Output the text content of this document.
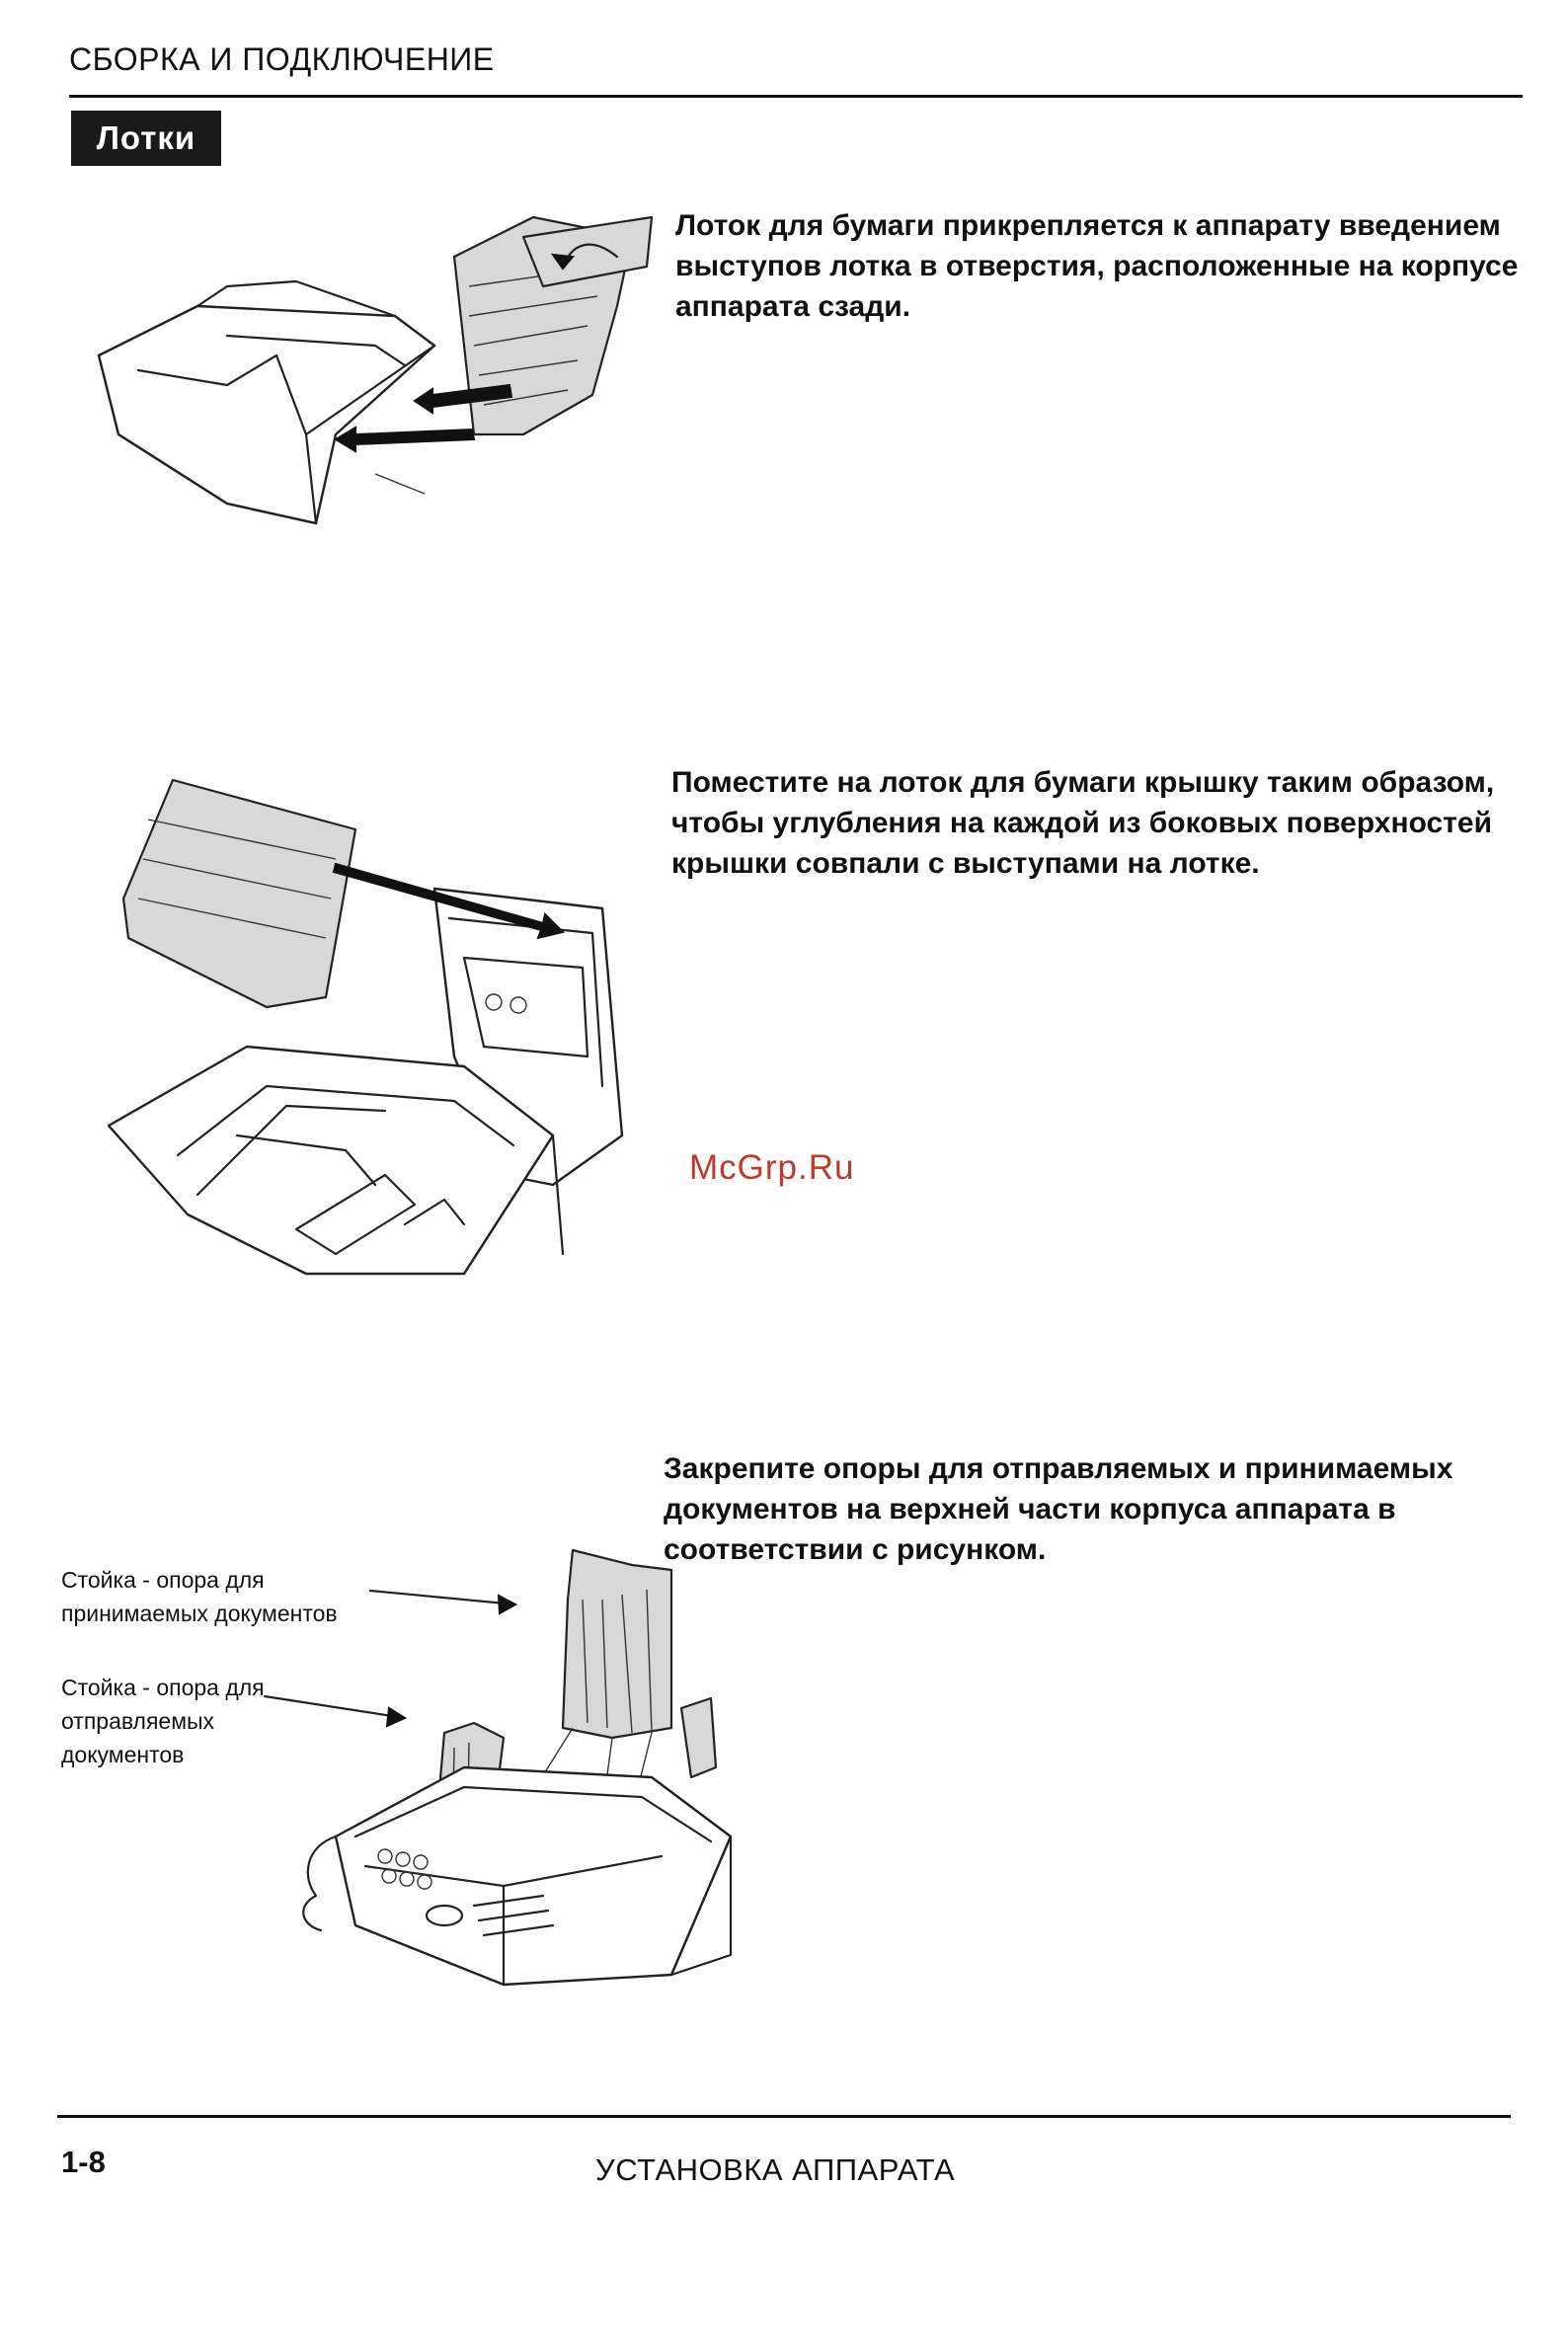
СБОРКА И ПОДКЛЮЧЕНИЕ
Лотки
Лоток для бумаги прикрепляется к аппарату введением выступов лотка в отверстия, расположенные на корпусе аппарата сзади.
Поместите на лоток для бумаги крышку таким образом, чтобы углубления на каждой из боковых поверхностей крышки совпали с выступами на лотке.
McGrp.Ru
Стойка - опора для принимаемых документов
Стойка - опора для отправляемых документов
Закрепите опоры для отправляемых и принимаемых документов на верхней части корпуса аппарата в соответствии с рисунком.
1-8	УСТАНОВКА АППАРАТА
